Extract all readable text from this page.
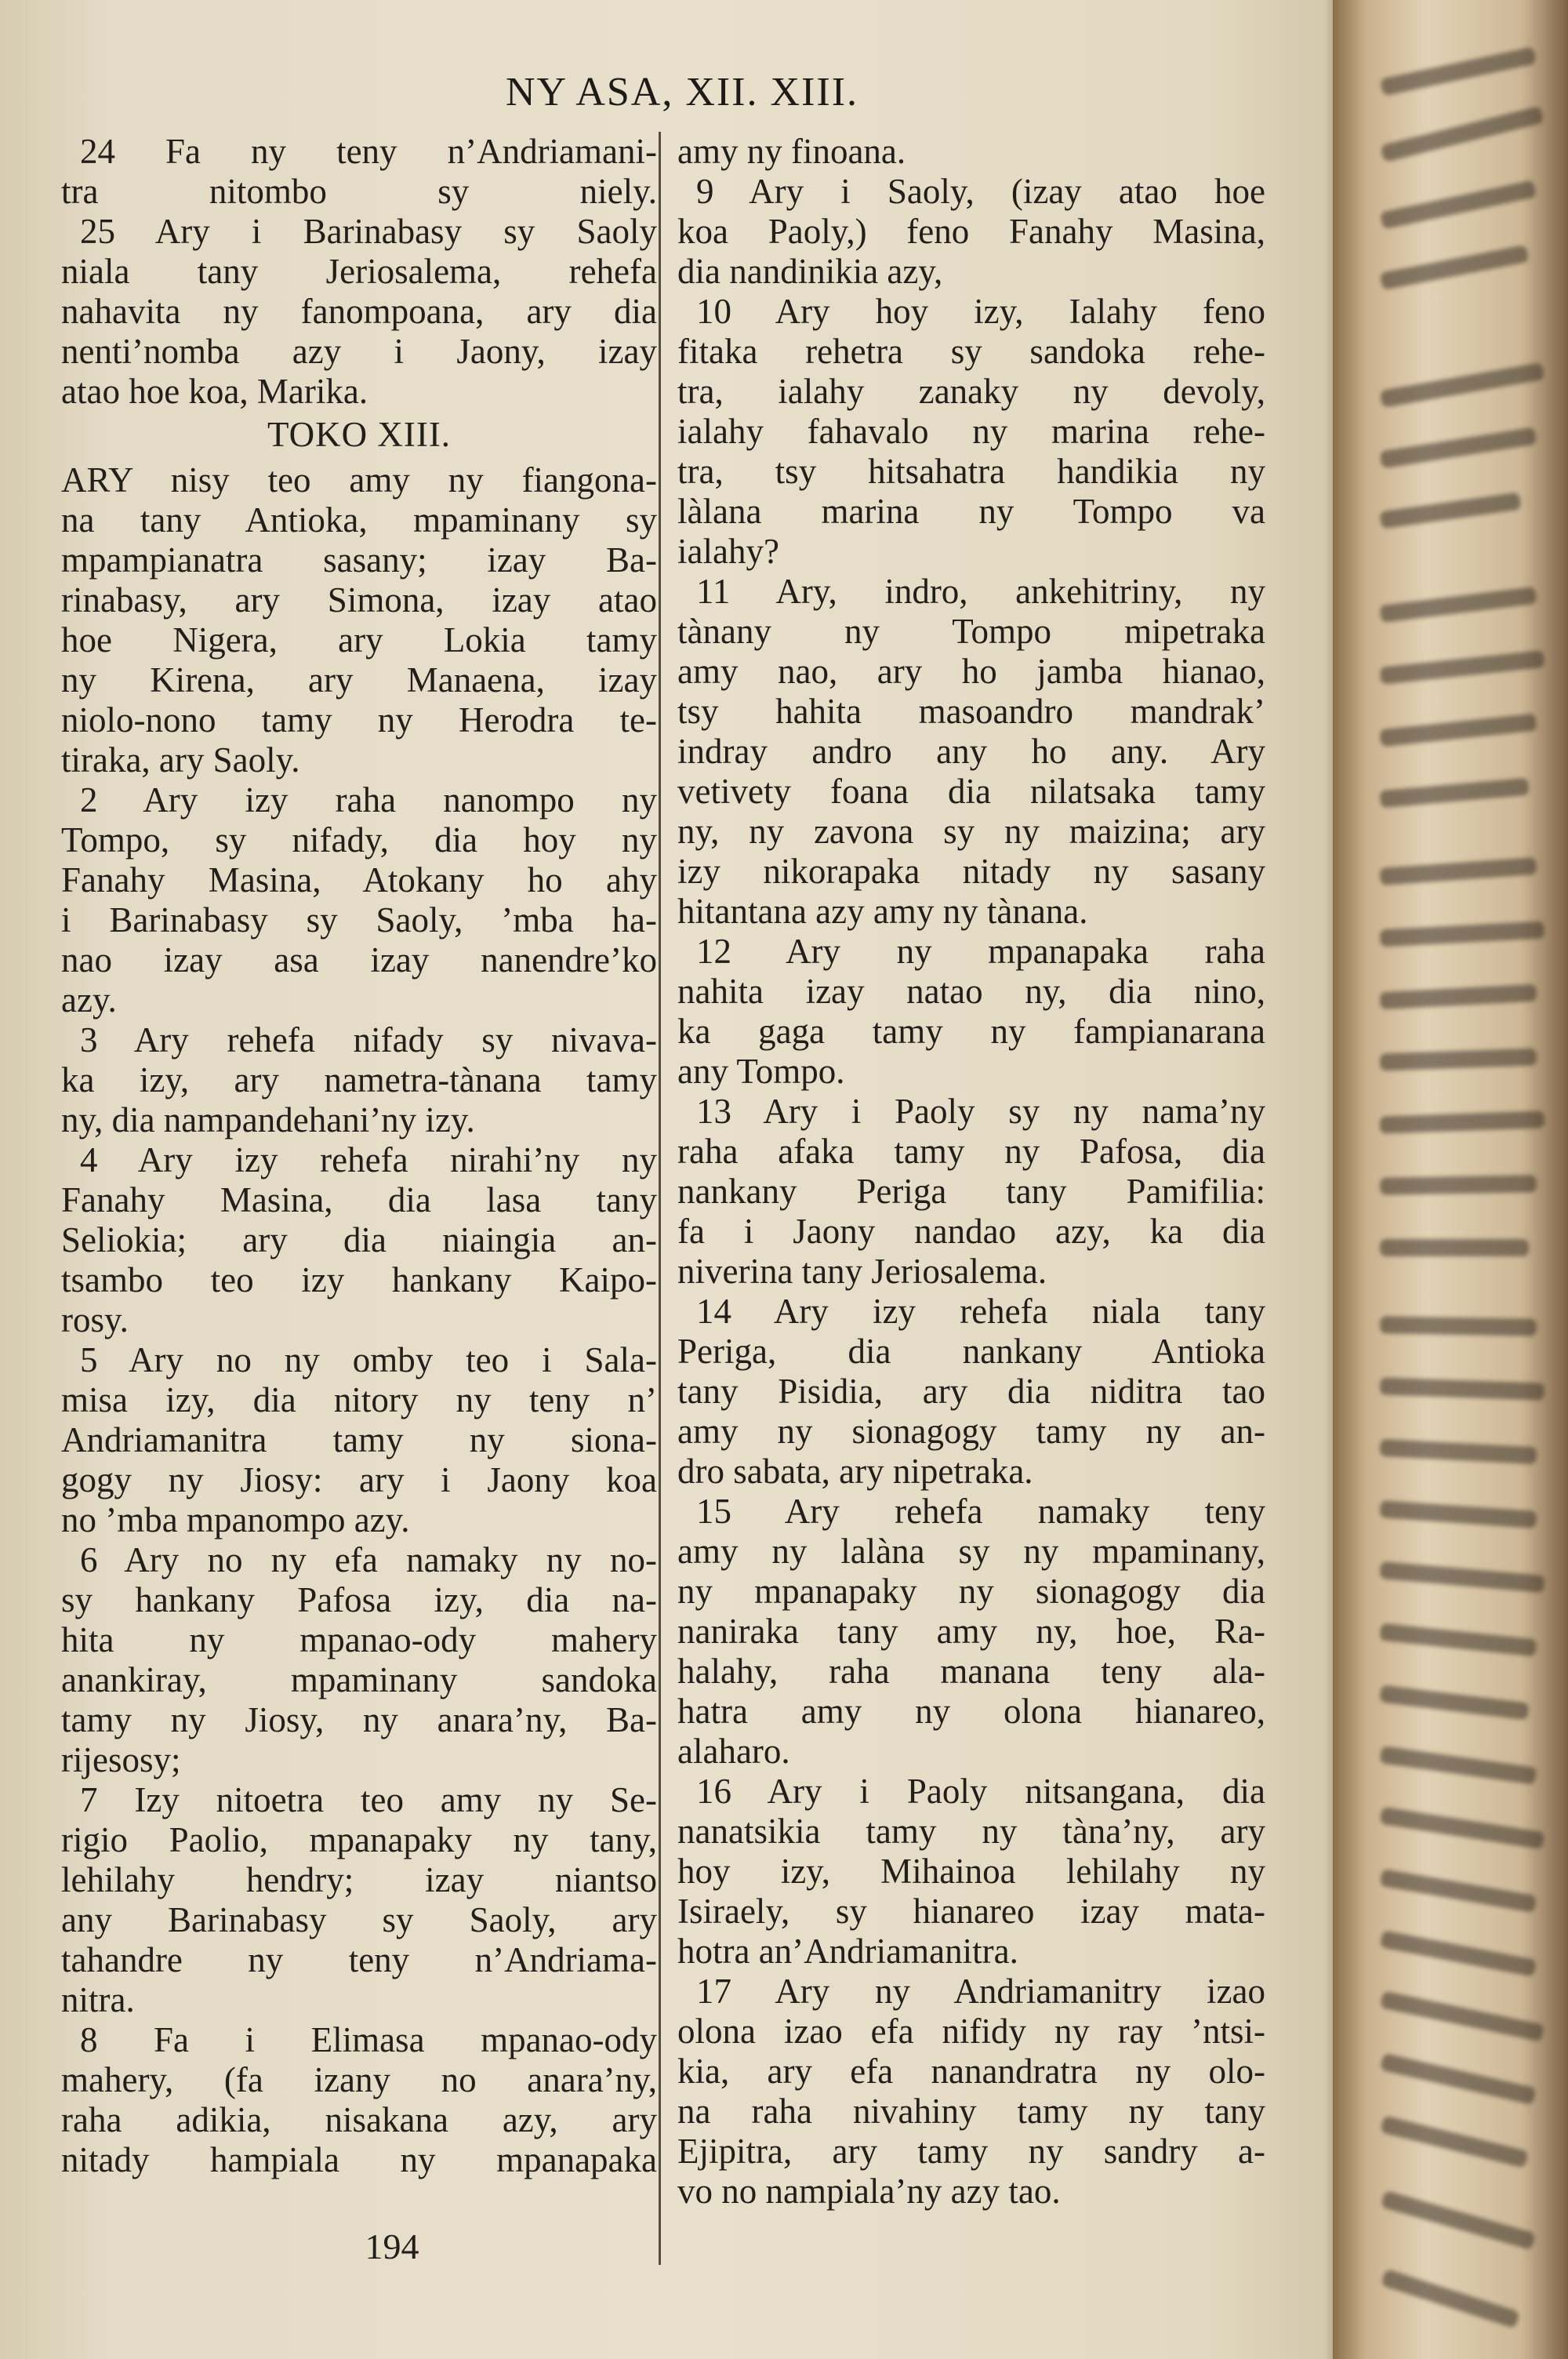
NY ASA, XII. XIII.
24 Fa ny teny n’Andriamani-
tra nitombo sy niely.
25 Ary i Barinabasy sy Saoly
niala tany Jeriosalema, rehefa
nahavita ny fanompoana, ary dia
nenti’nomba azy i Jaony, izay
atao hoe koa, Marika.
TOKO XIII.
ARY nisy teo amy ny fiangona-
na tany Antioka, mpaminany sy
mpampianatra sasany; izay Ba-
rinabasy, ary Simona, izay atao
hoe Nigera, ary Lokia tamy
ny Kirena, ary Manaena, izay
niolo-nono tamy ny Herodra te-
tiraka, ary Saoly.
2 Ary izy raha nanompo ny
Tompo, sy nifady, dia hoy ny
Fanahy Masina, Atokany ho ahy
i Barinabasy sy Saoly, ’mba ha-
nao izay asa izay nanendre’ko
azy.
3 Ary rehefa nifady sy nivava-
ka izy, ary nametra-tànana tamy
ny, dia nampandehani’ny izy.
4 Ary izy rehefa nirahi’ny ny
Fanahy Masina, dia lasa tany
Seliokia; ary dia niaingia an-
tsambo teo izy hankany Kaipo-
rosy.
5 Ary no ny omby teo i Sala-
misa izy, dia nitory ny teny n’
Andriamanitra tamy ny siona-
gogy ny Jiosy: ary i Jaony koa
no ’mba mpanompo azy.
6 Ary no ny efa namaky ny no-
sy hankany Pafosa izy, dia na-
hita ny mpanao-ody mahery
anankiray, mpaminany sandoka
tamy ny Jiosy, ny anara’ny, Ba-
rijesosy;
7 Izy nitoetra teo amy ny Se-
rigio Paolio, mpanapaky ny tany,
lehilahy hendry; izay niantso
any Barinabasy sy Saoly, ary
tahandre ny teny n’Andriama-
nitra.
8 Fa i Elimasa mpanao-ody
mahery, (fa izany no anara’ny,
raha adikia, nisakana azy, ary
nitady hampiala ny mpanapaka
amy ny finoana.
9 Ary i Saoly, (izay atao hoe
koa Paoly,) feno Fanahy Masina,
dia nandinikia azy,
10 Ary hoy izy, Ialahy feno
fitaka rehetra sy sandoka rehe-
tra, ialahy zanaky ny devoly,
ialahy fahavalo ny marina rehe-
tra, tsy hitsahatra handikia ny
làlana marina ny Tompo va
ialahy?
11 Ary, indro, ankehitriny, ny
tànany ny Tompo mipetraka
amy nao, ary ho jamba hianao,
tsy hahita masoandro mandrak’
indray andro any ho any. Ary
vetivety foana dia nilatsaka tamy
ny, ny zavona sy ny maizina; ary
izy nikorapaka nitady ny sasany
hitantana azy amy ny tànana.
12 Ary ny mpanapaka raha
nahita izay natao ny, dia nino,
ka gaga tamy ny fampianarana
any Tompo.
13 Ary i Paoly sy ny nama’ny
raha afaka tamy ny Pafosa, dia
nankany Periga tany Pamifilia:
fa i Jaony nandao azy, ka dia
niverina tany Jeriosalema.
14 Ary izy rehefa niala tany
Periga, dia nankany Antioka
tany Pisidia, ary dia niditra tao
amy ny sionagogy tamy ny an-
dro sabata, ary nipetraka.
15 Ary rehefa namaky teny
amy ny lalàna sy ny mpaminany,
ny mpanapaky ny sionagogy dia
naniraka tany amy ny, hoe, Ra-
halahy, raha manana teny ala-
hatra amy ny olona hianareo,
alaharo.
16 Ary i Paoly nitsangana, dia
nanatsikia tamy ny tàna’ny, ary
hoy izy, Mihainoa lehilahy ny
Isiraely, sy hianareo izay mata-
hotra an’Andriamanitra.
17 Ary ny Andriamanitry izao
olona izao efa nifidy ny ray ’ntsi-
kia, ary efa nanandratra ny olo-
na raha nivahiny tamy ny tany
Ejipitra, ary tamy ny sandry a-
vo no nampiala’ny azy tao.
194
